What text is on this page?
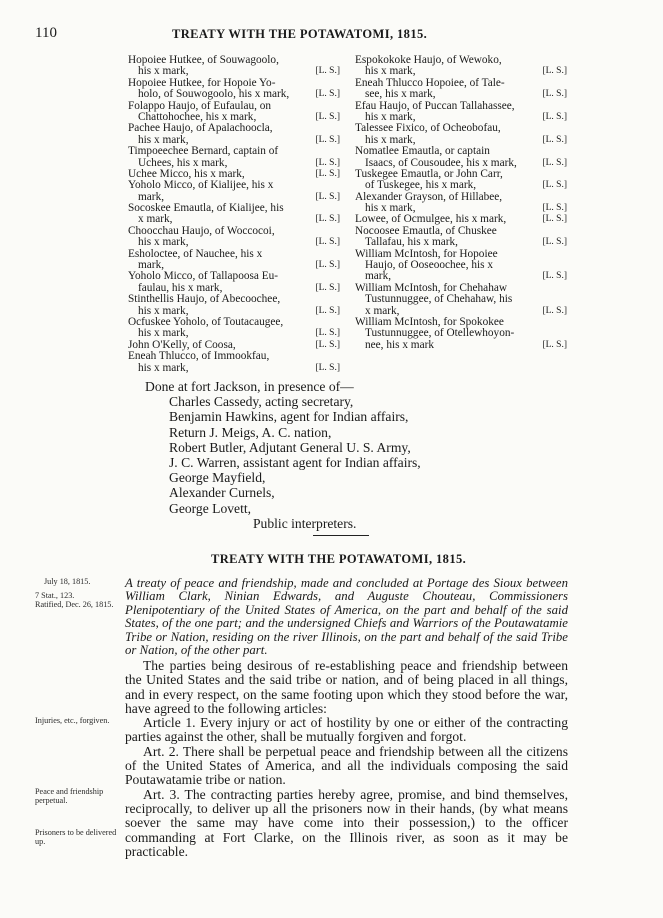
110	TREATY WITH THE POTAWATOMI, 1815.
Hopoiee Hutkee, of Souwagoolo,
his x mark,	[L. S.]
Hopoiee Hutkee, for Hopoie Yo-
holo, of Souwogoolo, his x mark,	[L. S.]
Folappo Haujo, of Eufaulau, on
Chattohochee, his x mark,	[L. S.]
Pachee Haujo, of Apalachoocla,
his x mark,	[L. S.]
Timpoeechee Bernard, captain of
Uchees, his x mark,	[L. S.]
Uchee Micco, his x mark,	[L. S.]
Yoholo Micco, of Kialijee, his x
mark,	[L. S.]
Socoskee Emautla, of Kialijee, his
x mark,	[L. S.]
Choocchau Haujo, of Woccocoi,
his x mark,	[L. S.]
Esholoctee, of Nauchee, his x
mark,	[L. S.]
Yoholo Micco, of Tallapoosa Eu-
faulau, his x mark,	[L. S.]
Stinthellis Haujo, of Abecoochee,
his x mark,	[L. S.]
Ocfuskee Yoholo, of Toutacaugee,
his x mark,	[L. S.]
John O'Kelly, of Coosa,	[L. S.]
Eneah Thlucco, of Immookfau,
his x mark,	[L. S.]
Espokokoke Haujo, of Wewoko,
his x mark,	[L. S.]
Eneah Thlucco Hopoiee, of Tale-
see, his x mark,	[L. S.]
Efau Haujo, of Puccan Tallahassee,
his x mark,	[L. S.]
Talessee Fixico, of Ocheobofau,
his x mark,	[L. S.]
Nomatlee Emautla, or captain
Isaacs, of Cousoudee, his x mark,	[L. S.]
Tuskegee Emautla, or John Carr,
of Tuskegee, his x mark,	[L. S.]
Alexander Grayson, of Hillabee,
his x mark,	[L. S.]
Lowee, of Ocmulgee, his x mark,	[L. S.]
Nocoosee Emautla, of Chuskee
Tallafau, his x mark,	[L. S.]
William McIntosh, for Hopoiee
Haujo, of Ooseoochee, his x
mark,	[L. S.]
William McIntosh, for Chehahaw
Tustunnuggee, of Chehahaw, his
x mark,	[L. S.]
William McIntosh, for Spokokee
Tustunnuggee, of Otellewhoyon-
nee, his x mark	[L. S.]
Done at fort Jackson, in presence of—
Charles Cassedy, acting secretary,
Benjamin Hawkins, agent for Indian affairs,
Return J. Meigs, A. C. nation,
Robert Butler, Adjutant General U. S. Army,
J. C. Warren, assistant agent for Indian affairs,
George Mayfield,
Alexander Curnels,
George Lovett,
Public interpreters.
TREATY WITH THE POTAWATOMI, 1815.
July 18, 1815.
7 Stat., 123.
Ratified, Dec. 26, 1815.
Injuries, etc., forgiven.
Peace and friendship perpetual.
Prisoners to be delivered up.
A treaty of peace and friendship, made and concluded at Portage des Sioux between William Clark, Ninian Edwards, and Auguste Chouteau, Commissioners Plenipotentiary of the United States of America, on the part and behalf of the said States, of the one part; and the undersigned Chiefs and Warriors of the Poutawatamie Tribe or Nation, residing on the river Illinois, on the part and behalf of the said Tribe or Nation, of the other part.

The parties being desirous of re-establishing peace and friendship between the United States and the said tribe or nation, and of being placed in all things, and in every respect, on the same footing upon which they stood before the war, have agreed to the following articles:

Article 1. Every injury or act of hostility by one or either of the contracting parties against the other, shall be mutually forgiven and forgot.

Art. 2. There shall be perpetual peace and friendship between all the citizens of the United States of America, and all the individuals composing the said Poutawatamie tribe or nation.

Art. 3. The contracting parties hereby agree, promise, and bind themselves, reciprocally, to deliver up all the prisoners now in their hands, (by what means soever the same may have come into their possession,) to the officer commanding at Fort Clarke, on the Illinois river, as soon as it may be practicable.
